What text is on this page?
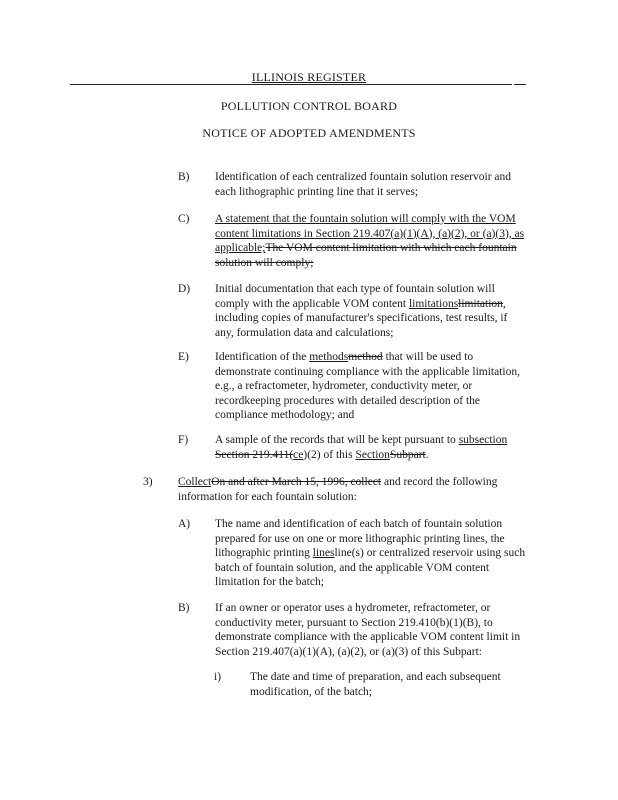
ILLINOIS REGISTER
POLLUTION CONTROL BOARD
NOTICE OF ADOPTED AMENDMENTS
B) Identification of each centralized fountain solution reservoir and
each lithographic printing line that it serves;
C) A statement that the fountain solution will comply with the VOM
content limitations in Section 219.407(a)(1)(A), (a)(2), or (a)(3), as
applicable;The VOM content limitation with which each fountain
solution will comply;
D) Initial documentation that each type of fountain solution will
comply with the applicable VOM content limitationslimitation,
including copies of manufacturer's specifications, test results, if
any, formulation data and calculations;
E) Identification of the methodsmethod that will be used to
demonstrate continuing compliance with the applicable limitation,
e.g., a refractometer, hydrometer, conductivity meter, or
recordkeeping procedures with detailed description of the
compliance methodology; and
F) A sample of the records that will be kept pursuant to subsection
Section 219.411(ce)(2) of this SectionSubpart.
3) CollectOn and after March 15, 1996, collect and record the following
information for each fountain solution:
A) The name and identification of each batch of fountain solution
prepared for use on one or more lithographic printing lines, the
lithographic printing linesline(s) or centralized reservoir using such
batch of fountain solution, and the applicable VOM content
limitation for the batch;
B) If an owner or operator uses a hydrometer, refractometer, or
conductivity meter, pursuant to Section 219.410(b)(1)(B), to
demonstrate compliance with the applicable VOM content limit in
Section 219.407(a)(1)(A), (a)(2), or (a)(3) of this Subpart:
i)	The date and time of preparation, and each subsequent
modification, of the batch;
